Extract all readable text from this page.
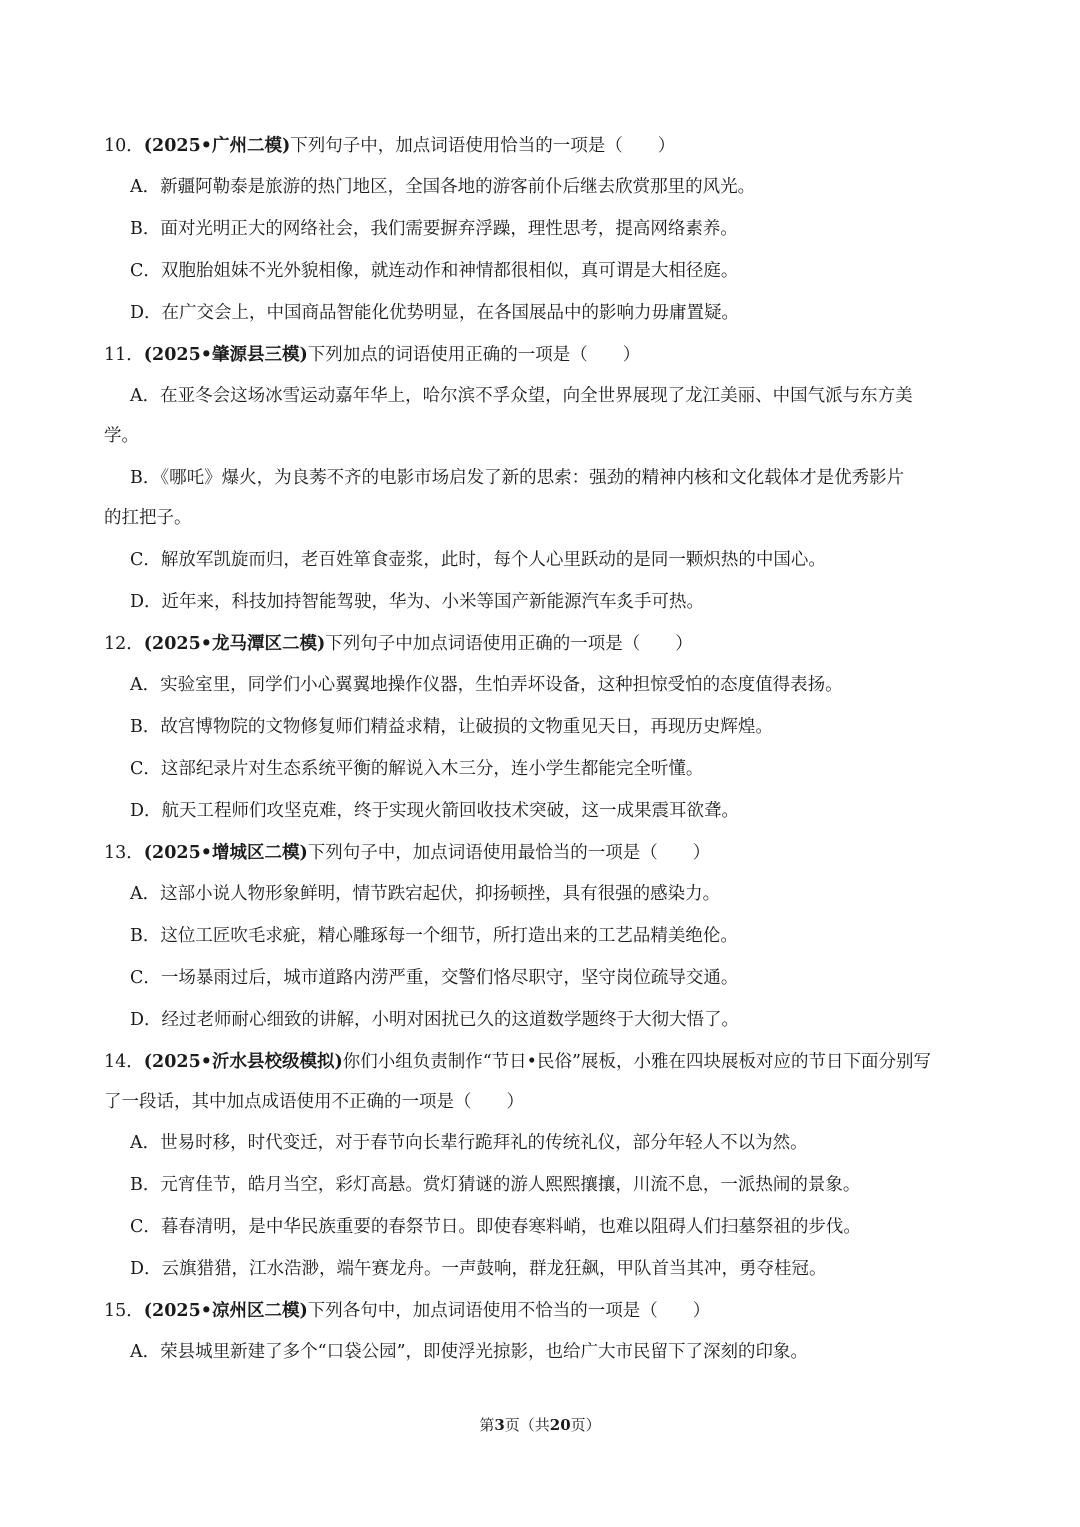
10．(2025•广州二模)下列句子中，加点词语使用恰当的一项是（　　）
A．新疆阿勒泰是旅游的热门地区，全国各地的游客前仆后继去欣赏那里的风光。
B．面对光明正大的网络社会，我们需要摒弃浮躁，理性思考，提高网络素养。
C．双胞胎姐妹不光外貌相像，就连动作和神情都很相似，真可谓是大相径庭。
D．在广交会上，中国商品智能化优势明显，在各国展品中的影响力毋庸置疑。
11．(2025•肇源县三模)下列加点的词语使用正确的一项是（　　）
A．在亚冬会这场冰雪运动嘉年华上，哈尔滨不孚众望，向全世界展现了龙江美丽、中国气派与东方美
学。
B．《哪吒》爆火，为良莠不齐的电影市场启发了新的思索：强劲的精神内核和文化载体才是优秀影片
的扛把子。
C．解放军凯旋而归，老百姓箪食壶浆，此时，每个人心里跃动的是同一颗炽热的中国心。
D．近年来，科技加持智能驾驶，华为、小米等国产新能源汽车炙手可热。
12．(2025•龙马潭区二模)下列句子中加点词语使用正确的一项是（　　）
A．实验室里，同学们小心翼翼地操作仪器，生怕弄坏设备，这种担惊受怕的态度值得表扬。
B．故宫博物院的文物修复师们精益求精，让破损的文物重见天日，再现历史辉煌。
C．这部纪录片对生态系统平衡的解说入木三分，连小学生都能完全听懂。
D．航天工程师们攻坚克难，终于实现火箭回收技术突破，这一成果震耳欲聋。
13．(2025•增城区二模)下列句子中，加点词语使用最恰当的一项是（　　）
A．这部小说人物形象鲜明，情节跌宕起伏，抑扬顿挫，具有很强的感染力。
B．这位工匠吹毛求疵，精心雕琢每一个细节，所打造出来的工艺品精美绝伦。
C．一场暴雨过后，城市道路内涝严重，交警们恪尽职守，坚守岗位疏导交通。
D．经过老师耐心细致的讲解，小明对困扰已久的这道数学题终于大彻大悟了。
14．(2025•沂水县校级模拟)你们小组负责制作“节日•民俗”展板，小雅在四块展板对应的节日下面分别写
了一段话，其中加点成语使用不正确的一项是（　　）
A．世易时移，时代变迁，对于春节向长辈行跪拜礼的传统礼仪，部分年轻人不以为然。
B．元宵佳节，皓月当空，彩灯高悬。赏灯猜谜的游人熙熙攘攘，川流不息，一派热闹的景象。
C．暮春清明，是中华民族重要的春祭节日。即使春寒料峭，也难以阻碍人们扫墓祭祖的步伐。
D．云旗猎猎，江水浩渺，端午赛龙舟。一声鼓响，群龙狂飙，甲队首当其冲，勇夺桂冠。
15．(2025•凉州区二模)下列各句中，加点词语使用不恰当的一项是（　　）
A．荣县城里新建了多个“口袋公园”，即使浮光掠影，也给广大市民留下了深刻的印象。
第3页（共20页）
